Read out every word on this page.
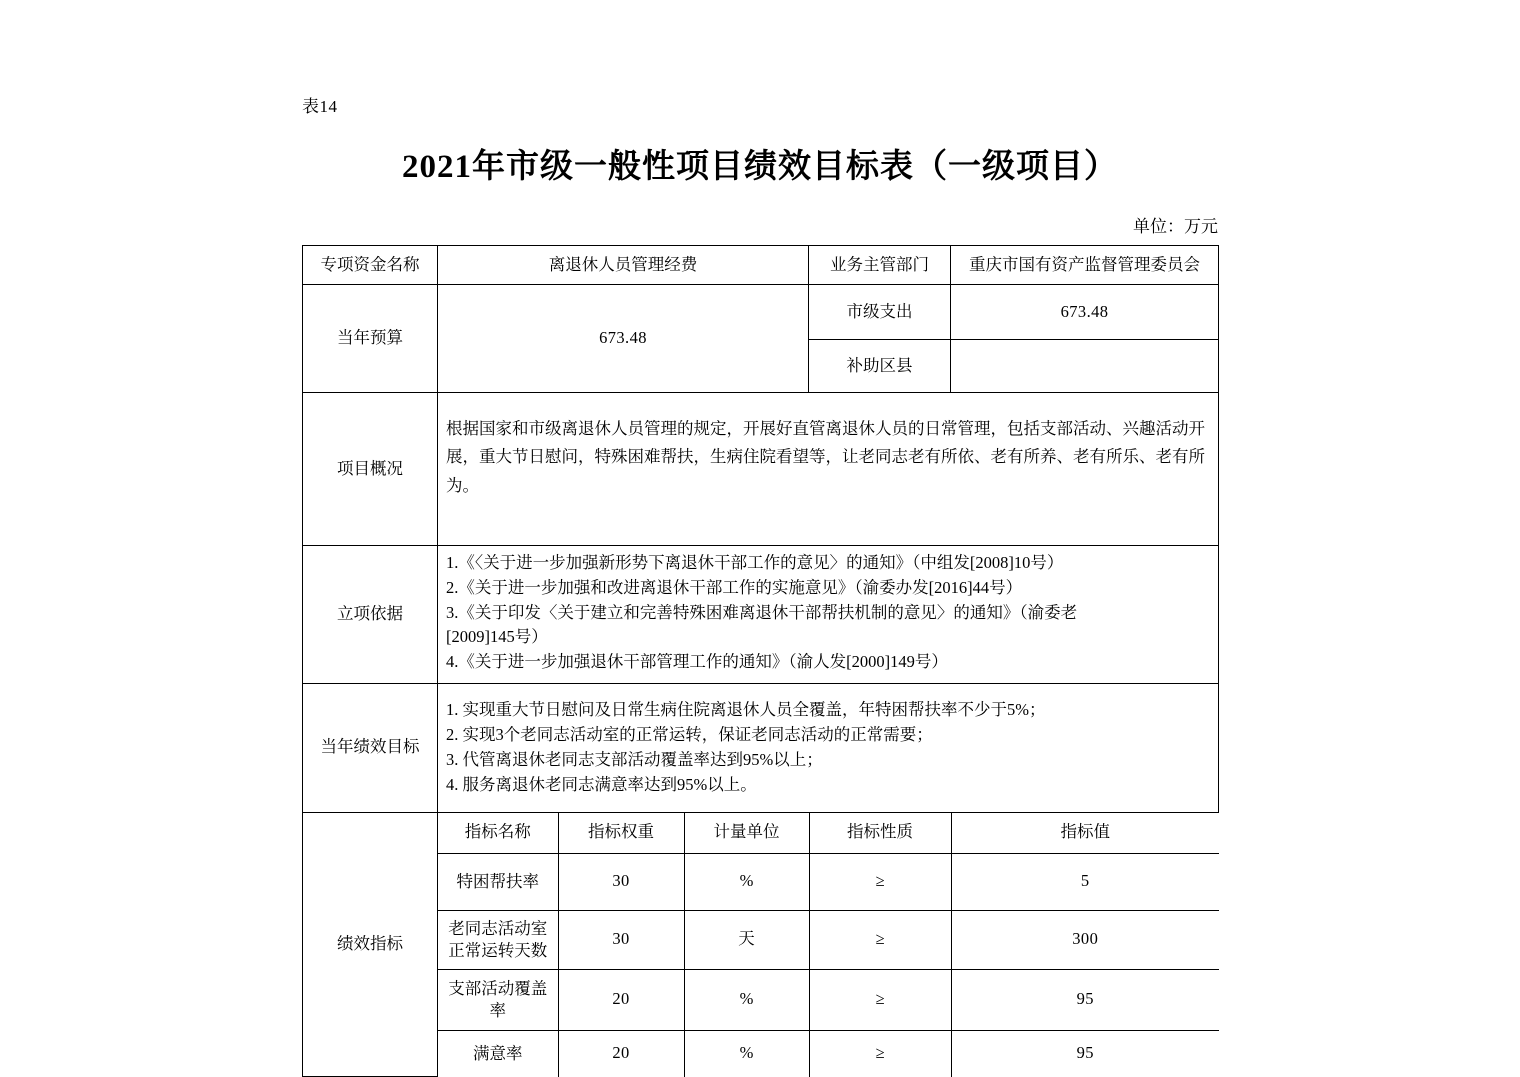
表14
2021年市级一般性项目绩效目标表（一级项目）
单位：万元
专项资金名称	离退休人员管理经费	业务主管部门	重庆市国有资产监督管理委员会
当年预算	673.48	市级支出	673.48
补助区县	
项目概况	

根据国家和市级离退休人员管理的规定，开展好直管离退休人员的日常管理，包括支部活动、兴趣活动开展，重大节日慰问，特殊困难帮扶，生病住院看望等，让老同志老有所依、老有所养、老有所乐、老有所为。

立项依据	

1.《〈关于进一步加强新形势下离退休干部工作的意见〉的通知》（中组发[2008]10号）

2.《关于进一步加强和改进离退休干部工作的实施意见》（渝委办发[2016]44号）

3.《关于印发〈关于建立和完善特殊困难离退休干部帮扶机制的意见〉的通知》（渝委老

[2009]145号）

4.《关于进一步加强退休干部管理工作的通知》（渝人发[2000]149号）

当年绩效目标	

1. 实现重大节日慰问及日常生病住院离退休人员全覆盖，年特困帮扶率不少于5%；

2. 实现3个老同志活动室的正常运转，保证老同志活动的正常需要；

3. 代管离退休老同志支部活动覆盖率达到95%以上；

4. 服务离退休老同志满意率达到95%以上。

绩效指标	
指标名称	指标权重	计量单位	指标性质	指标值
特困帮扶率	30	%	≥	5

老同志活动室
正常运转天数
	30	天	≥	300

支部活动覆盖
率
	20	%	≥	95
满意率	20	%	≥	95
